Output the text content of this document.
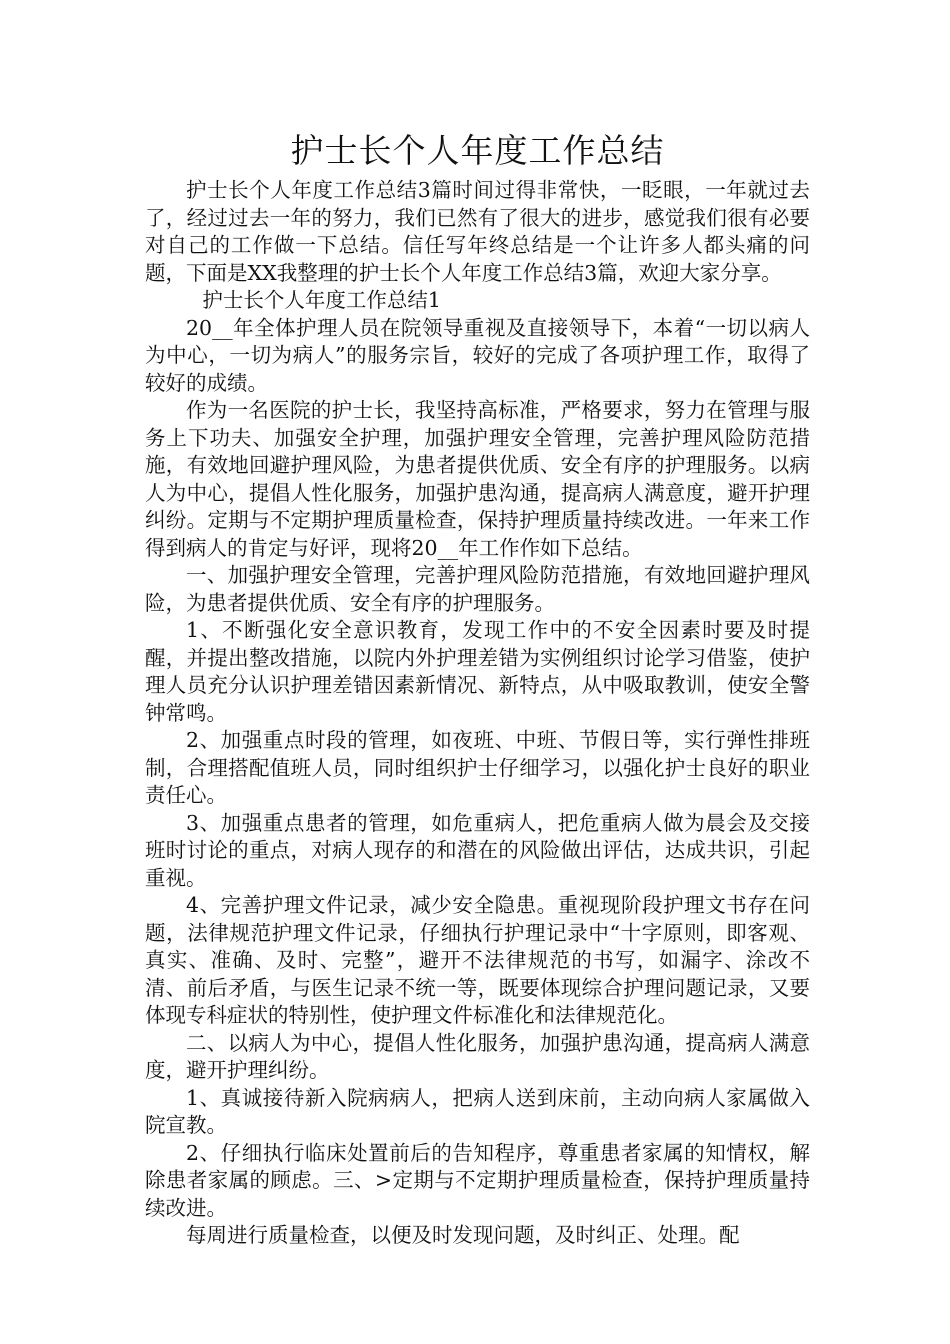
护士长个人年度工作总结

护士长个人年度工作总结3篇时间过得非常快，一眨眼，一年就过去了，经过过去一年的努力，我们已然有了很大的进步，感觉我们很有必要对自己的工作做一下总结。信任写年终总结是一个让许多人都头痛的问题，下面是XX我整理的护士长个人年度工作总结3篇，欢迎大家分享。

护士长个人年度工作总结1

20__年全体护理人员在院领导重视及直接领导下，本着“一切以病人为中心，一切为病人”的服务宗旨，较好的完成了各项护理工作，取得了较好的成绩。

作为一名医院的护士长，我坚持高标准，严格要求，努力在管理与服务上下功夫、加强安全护理，加强护理安全管理，完善护理风险防范措施，有效地回避护理风险，为患者提供优质、安全有序的护理服务。以病人为中心，提倡人性化服务，加强护患沟通，提高病人满意度，避开护理纠纷。定期与不定期护理质量检查，保持护理质量持续改进。一年来工作得到病人的肯定与好评，现将20__年工作作如下总结。

一、加强护理安全管理，完善护理风险防范措施，有效地回避护理风险，为患者提供优质、安全有序的护理服务。

1、不断强化安全意识教育，发现工作中的不安全因素时要及时提醒，并提出整改措施，以院内外护理差错为实例组织讨论学习借鉴，使护理人员充分认识护理差错因素新情况、新特点，从中吸取教训，使安全警钟常鸣。

2、加强重点时段的管理，如夜班、中班、节假日等，实行弹性排班制，合理搭配值班人员，同时组织护士仔细学习，以强化护士良好的职业责任心。

3、加强重点患者的管理，如危重病人，把危重病人做为晨会及交接班时讨论的重点，对病人现存的和潜在的风险做出评估，达成共识，引起重视。

4、完善护理文件记录，减少安全隐患。重视现阶段护理文书存在问题，法律规范护理文件记录，仔细执行护理记录中“十字原则，即客观、真实、准确、及时、完整”，避开不法律规范的书写，如漏字、涂改不清、前后矛盾，与医生记录不统一等，既要体现综合护理问题记录，又要体现专科症状的特别性，使护理文件标准化和法律规范化。

二、以病人为中心，提倡人性化服务，加强护患沟通，提高病人满意度，避开护理纠纷。

1、真诚接待新入院病病人，把病人送到床前，主动向病人家属做入院宣教。

2、仔细执行临床处置前后的告知程序，尊重患者家属的知情权，解除患者家属的顾虑。三、>定期与不定期护理质量检查，保持护理质量持续改进。

每周进行质量检查，以便及时发现问题，及时纠正、处理。配
